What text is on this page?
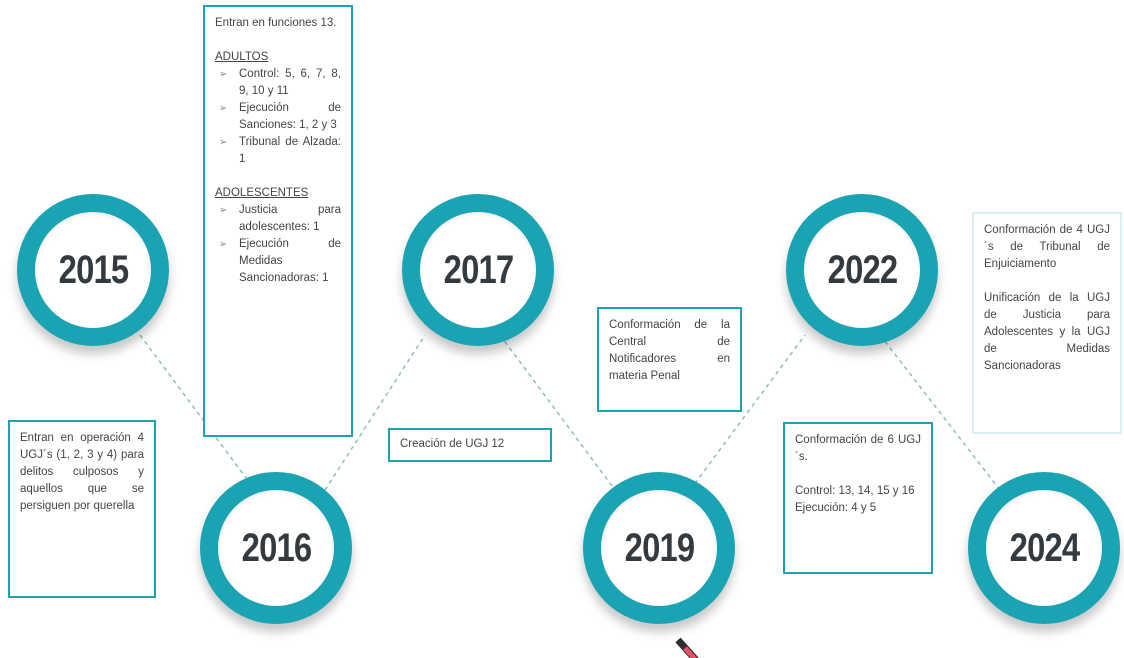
2015
2016
2017
2019
2022
2024

Entran en operación 4 UGJ´s (1, 2, 3 y 4) para delitos culposos y aquellos que se persiguen por querella

Entran en funciones 13.

ADULTOS

➢ Control: 5, 6, 7, 8, 9, 10 y 11
➢ Ejecución de Sanciones: 1, 2 y 3
➢ Tribunal de Alzada: 1

ADOLESCENTES

➢ Justicia para adolescentes: 1
➢ Ejecución de Medidas Sancionadoras: 1

Creación de UGJ 12

Conformación de la Central de Notificadores en materia Penal

Conformación de 6 UGJ´s.

Control: 13, 14, 15 y 16

Ejecución: 4 y 5

Conformación de 4 UGJ´s de Tribunal de Enjuiciamento

Unificación de la UGJ de Justicia para Adolescentes y la UGJ de Medidas Sancionadoras
